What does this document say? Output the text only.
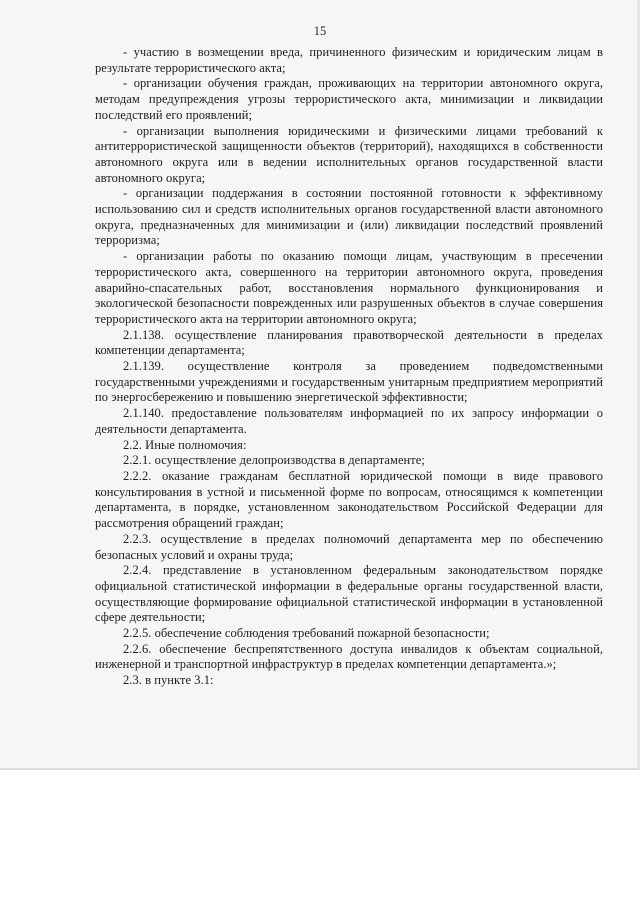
15

- участию в возмещении вреда, причиненного физическим и юридическим лицам в результате террористического акта;

- организации обучения граждан, проживающих на территории автономного округа, методам предупреждения угрозы террористического акта, минимизации и ликвидации последствий его проявлений;

- организации выполнения юридическими и физическими лицами требований к антитеррористической защищенности объектов (территорий), находящихся в собственности автономного округа или в ведении исполнительных органов государственной власти автономного округа;

- организации поддержания в состоянии постоянной готовности к эффективному использованию сил и средств исполнительных органов государственной власти автономного округа, предназначенных для минимизации и (или) ликвидации последствий проявлений терроризма;

- организации работы по оказанию помощи лицам, участвующим в пресечении террористического акта, совершенного на территории автономного округа, проведения аварийно-спасательных работ, восстановления нормального функционирования и экологической безопасности поврежденных или разрушенных объектов в случае совершения террористического акта на территории автономного округа;

2.1.138. осуществление планирования правотворческой деятельности в пределах компетенции департамента;

2.1.139. осуществление контроля за проведением подведомственными государственными учреждениями и государственным унитарным предприятием мероприятий по энергосбережению и повышению энергетической эффективности;

2.1.140. предоставление пользователям информацией по их запросу информации о деятельности департамента.

2.2. Иные полномочия:

2.2.1. осуществление делопроизводства в департаменте;

2.2.2. оказание гражданам бесплатной юридической помощи в виде правового консультирования в устной и письменной форме по вопросам, относящимся к компетенции департамента, в порядке, установленном законодательством Российской Федерации для рассмотрения обращений граждан;

2.2.3. осуществление в пределах полномочий департамента мер по обеспечению безопасных условий и охраны труда;

2.2.4. представление в установленном федеральным законодательством порядке официальной статистической информации в федеральные органы государственной власти, осуществляющие формирование официальной статистической информации в установленной сфере деятельности;

2.2.5. обеспечение соблюдения требований пожарной безопасности;

2.2.6. обеспечение беспрепятственного доступа инвалидов к объектам социальной, инженерной и транспортной инфраструктур в пределах компетенции департамента.»;

2.3. в пункте 3.1:
